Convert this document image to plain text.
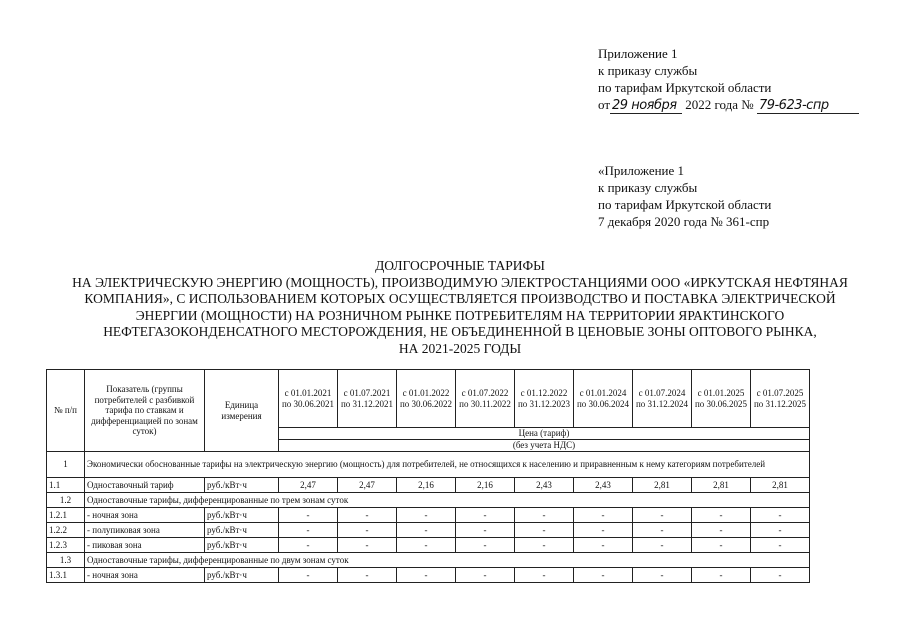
Приложение 1
к приказу службы
по тарифам Иркутской области
от 29 ноября 2022 года № 79-623-спр
«Приложение 1
к приказу службы
по тарифам Иркутской области
7 декабря 2020 года № 361-спр
ДОЛГОСРОЧНЫЕ ТАРИФЫ
НА ЭЛЕКТРИЧЕСКУЮ ЭНЕРГИЮ (МОЩНОСТЬ), ПРОИЗВОДИМУЮ ЭЛЕКТРОСТАНЦИЯМИ ООО «ИРКУТСКАЯ НЕФТЯНАЯ
КОМПАНИЯ», С ИСПОЛЬЗОВАНИЕМ КОТОРЫХ ОСУЩЕСТВЛЯЕТСЯ ПРОИЗВОДСТВО И ПОСТАВКА ЭЛЕКТРИЧЕСКОЙ
ЭНЕРГИИ (МОЩНОСТИ) НА РОЗНИЧНОМ РЫНКЕ ПОТРЕБИТЕЛЯМ НА ТЕРРИТОРИИ ЯРАКТИНСКОГО
НЕФТЕГАЗОКОНДЕНСАТНОГО МЕСТОРОЖДЕНИЯ, НЕ ОБЪЕДИНЕННОЙ В ЦЕНОВЫЕ ЗОНЫ ОПТОВОГО РЫНКА,
НА 2021-2025 ГОДЫ
№ п/п	Показатель (группы потребителей с разбивкой тарифа по ставкам и дифференциацией по зонам суток)	Единица измерения	с 01.01.2021 по 30.06.2021	с 01.07.2021 по 31.12.2021	с 01.01.2022 по 30.06.2022	с 01.07.2022 по 30.11.2022	с 01.12.2022 по 31.12.2023	с 01.01.2024 по 30.06.2024	с 01.07.2024 по 31.12.2024	с 01.01.2025 по 30.06.2025	с 01.07.2025 по 31.12.2025
			Цена (тариф)								
			(без учета НДС)								
1	Экономически обоснованные тарифы на электрическую энергию (мощность) для потребителей, не относящихся к населению и приравненным к нему категориям потребителей										
1.1	Одноставочный тариф	руб./кВт·ч	2,47	2,47	2,16	2,16	2,43	2,43	2,81	2,81	2,81
1.2	Одноставочные тарифы, дифференцированные по трем зонам суток										
1.2.1	- ночная зона	руб./кВт·ч	-	-	-	-	-	-	-	-	-
1.2.2	- полупиковая зона	руб./кВт·ч	-	-	-	-	-	-	-	-	-
1.2.3	- пиковая зона	руб./кВт·ч	-	-	-	-	-	-	-	-	-
1.3	Одноставочные тарифы, дифференцированные по двум зонам суток										
1.3.1	- ночная зона	руб./кВт·ч	-	-	-	-	-	-	-	-	-
